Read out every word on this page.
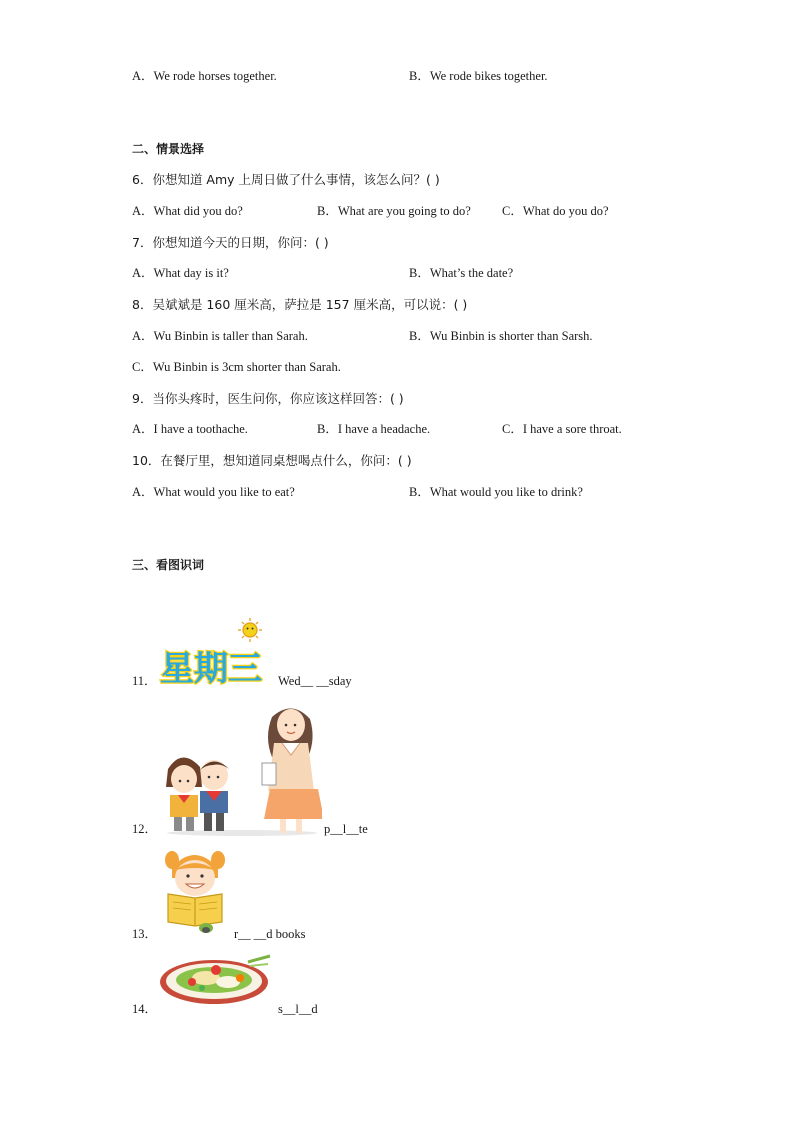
A．We rode horses together.	B．We rode bikes together.
二、情景选择
6．你想知道 Amy 上周日做了什么事情，该怎么问？( )
A．What did you do?	B．What are you going to do? C．What do you do?
7．你想知道今天的日期，你问：( )
A．What day is it?	B．What’s the date?
8．吴斌斌是 160 厘米高，萨拉是 157 厘米高，可以说：( )
A．Wu Binbin is taller than Sarah.	B．Wu Binbin is shorter than Sarsh.
C．Wu Binbin is 3cm shorter than Sarah.
9．当你头疼时，医生问你，你应该这样回答：( )
A．I have a toothache.	B．I have a headache.	C．I have a sore throat.
10．在餐厅里，想知道同桌想喝点什么，你问：( )
A．What would you like to eat?	B．What would you like to drink?
三、看图识词
11． 星期三 Wed__ __sday
12．	p__l__te
13．	r__ __d books
14．	s__l__d
